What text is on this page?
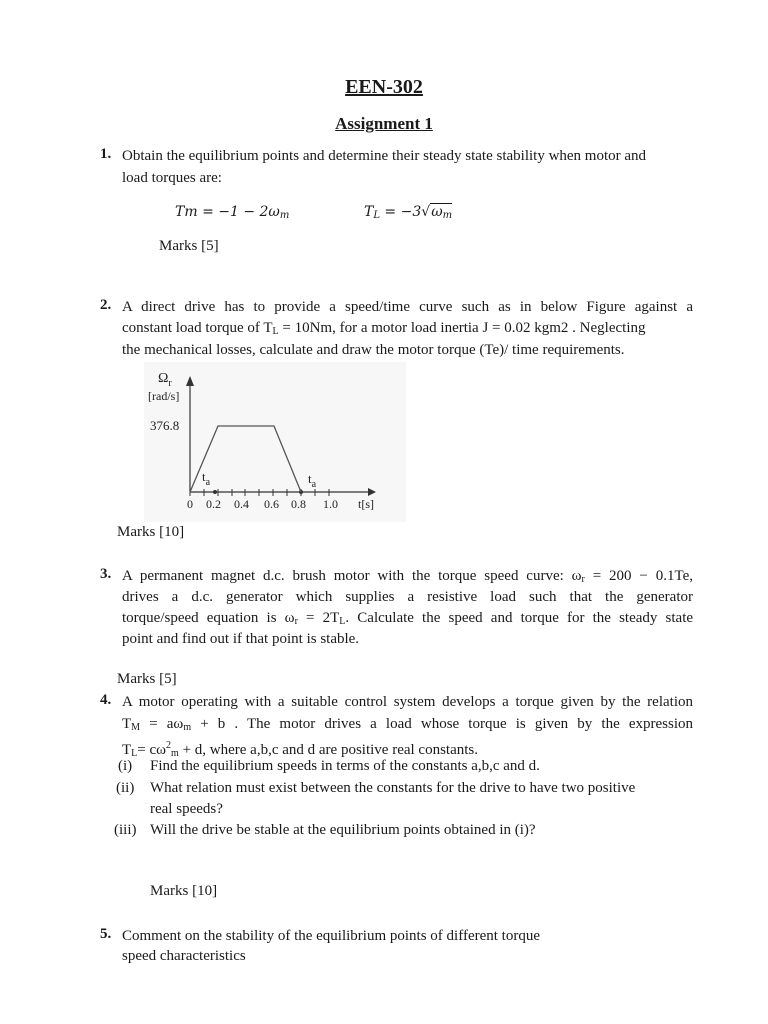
EEN-302
Assignment 1
1. Obtain the equilibrium points and determine their steady state stability when motor and
load torques are:
$Tm = -1 - 2\omega_m$	$T_L = -3√\omega_m$
Marks [5]
2. A direct drive has to provide a speed/time curve such as in below Figure against a
constant load torque of $T_L = 10Nm$, for a motor load inertia J = 0.02 kgm2 . Neglecting
the mechanical losses, calculate and draw the motor torque (Te)/ time requirements.
$\Omega_r$
[rad/s]
376.8
$t_a$	$t_a$
0 0.2 0.4 0.6 0.8 1.0 t[s]
Marks [10]
3. A permanent magnet d.c. brush motor with the torque speed curve: $\omega_r = 200 - 0.1Te$,
drives a d.c. generator which supplies a resistive load such that the generator
torque/speed equation is $\omega_r = 2T_L$. Calculate the speed and torque for the steady state
point and find out if that point is stable.
Marks [5]
4. A motor operating with a suitable control system develops a torque given by the relation
$T_M = a\omega_m + b$ . The motor drives a load whose torque is given by the expression
$T_L= c\omega^2_m + d$, where a,b,c and d are positive real constants.
(i) Find the equilibrium speeds in terms of the constants a,b,c and d.
(ii) What relation must exist between the constants for the drive to have two positive
real speeds?
(iii) Will the drive be stable at the equilibrium points obtained in (i)?
Marks [10]
5. Comment on the stability of the equilibrium points of different torque
speed characteristics
